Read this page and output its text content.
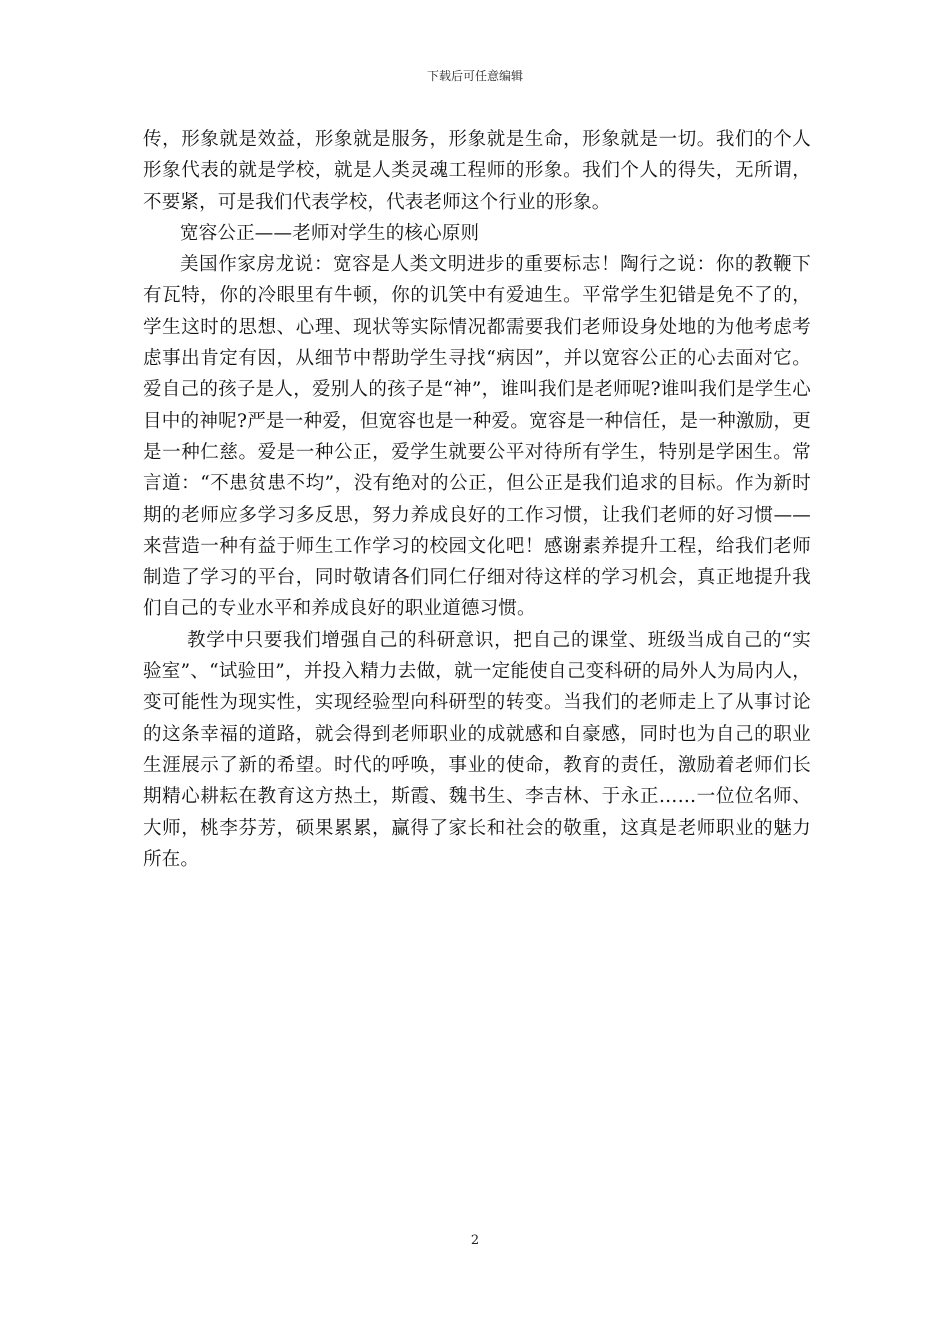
下载后可任意编辑

传，形象就是效益，形象就是服务，形象就是生命，形象就是一切。我们的个人形象代表的就是学校，就是人类灵魂工程师的形象。我们个人的得失，无所谓，不要紧，可是我们代表学校，代表老师这个行业的形象。

宽容公正——老师对学生的核心原则

美国作家房龙说：宽容是人类文明进步的重要标志！陶行之说：你的教鞭下有瓦特，你的冷眼里有牛顿，你的讥笑中有爱迪生。平常学生犯错是免不了的，学生这时的思想、心理、现状等实际情况都需要我们老师设身处地的为他考虑考虑事出肯定有因，从细节中帮助学生寻找“病因”，并以宽容公正的心去面对它。爱自己的孩子是人，爱别人的孩子是“神”，谁叫我们是老师呢?谁叫我们是学生心目中的神呢?严是一种爱，但宽容也是一种爱。宽容是一种信任，是一种激励，更是一种仁慈。爱是一种公正，爱学生就要公平对待所有学生，特别是学困生。常言道：“不患贫患不均”，没有绝对的公正，但公正是我们追求的目标。作为新时期的老师应多学习多反思，努力养成良好的工作习惯，让我们老师的好习惯——来营造一种有益于师生工作学习的校园文化吧！感谢素养提升工程，给我们老师制造了学习的平台，同时敬请各们同仁仔细对待这样的学习机会，真正地提升我们自己的专业水平和养成良好的职业道德习惯。

教学中只要我们增强自己的科研意识，把自己的课堂、班级当成自己的“实验室”、“试验田”，并投入精力去做，就一定能使自己变科研的局外人为局内人，变可能性为现实性，实现经验型向科研型的转变。当我们的老师走上了从事讨论的这条幸福的道路，就会得到老师职业的成就感和自豪感，同时也为自己的职业生涯展示了新的希望。时代的呼唤，事业的使命，教育的责任，激励着老师们长期精心耕耘在教育这方热土，斯霞、魏书生、李吉林、于永正……一位位名师、大师，桃李芬芳，硕果累累，赢得了家长和社会的敬重，这真是老师职业的魅力所在。

2
